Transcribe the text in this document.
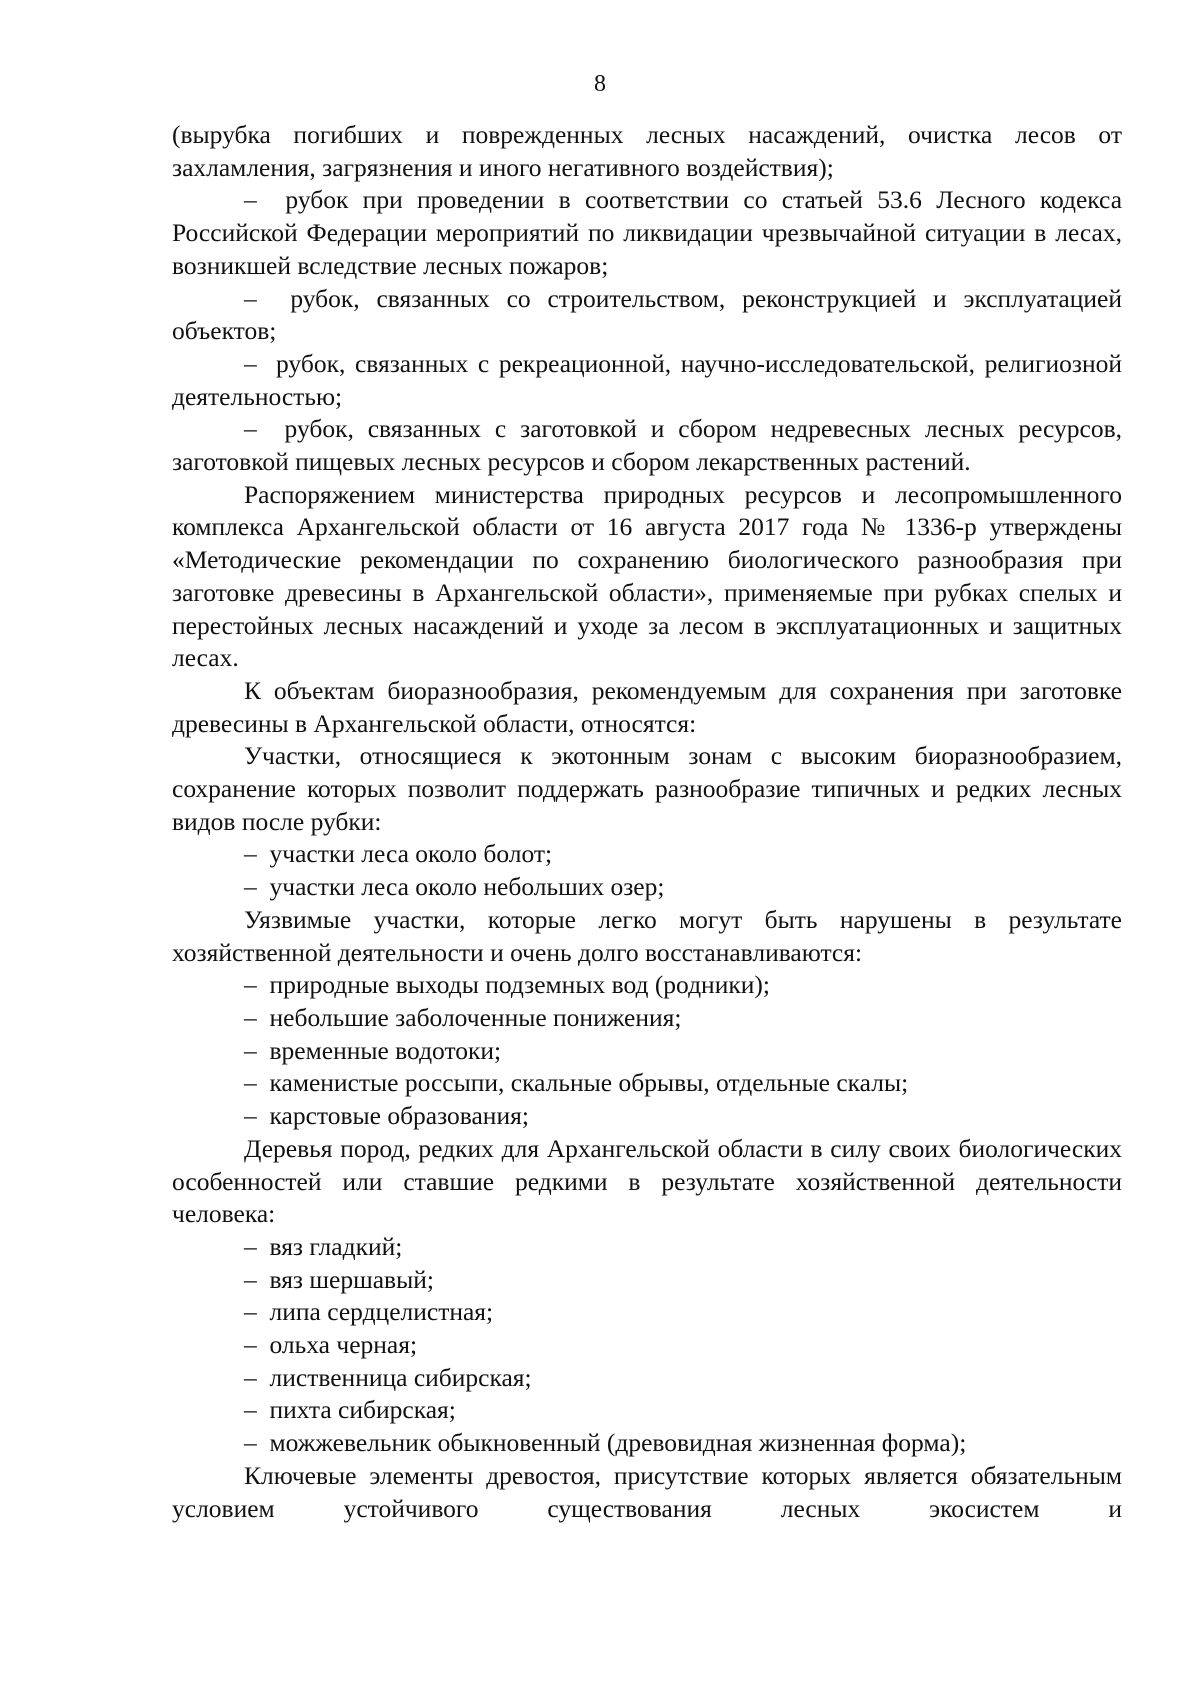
8

(вырубка погибших и поврежденных лесных насаждений, очистка лесов от захламления, загрязнения и иного негативного воздействия);

–  рубок при проведении в соответствии со статьей 53.6 Лесного кодекса Российской Федерации мероприятий по ликвидации чрезвычайной ситуации в лесах, возникшей вследствие лесных пожаров;

–  рубок, связанных со строительством, реконструкцией и эксплуатацией объектов;

–  рубок, связанных с рекреационной, научно-исследовательской, религиозной деятельностью;

–  рубок, связанных с заготовкой и сбором недревесных лесных ресурсов, заготовкой пищевых лесных ресурсов и сбором лекарственных растений.

Распоряжением министерства природных ресурсов и лесопромышленного комплекса Архангельской области от 16 августа 2017 года № 1336-р утверждены «Методические рекомендации по сохранению биологического разнообразия при заготовке древесины в Архангельской области», применяемые при рубках спелых и перестойных лесных насаждений и уходе за лесом в эксплуатационных и защитных лесах.

К объектам биоразнообразия, рекомендуемым для сохранения при заготовке древесины в Архангельской области, относятся:

Участки, относящиеся к экотонным зонам с высоким биоразнообразием, сохранение которых позволит поддержать разнообразие типичных и редких лесных видов после рубки:

–  участки леса около болот;

–  участки леса около небольших озер;

Уязвимые участки, которые легко могут быть нарушены в результате хозяйственной деятельности и очень долго восстанавливаются:

–  природные выходы подземных вод (родники);

–  небольшие заболоченные понижения;

–  временные водотоки;

–  каменистые россыпи, скальные обрывы, отдельные скалы;

–  карстовые образования;

Деревья пород, редких для Архангельской области в силу своих биологических особенностей или ставшие редкими в результате хозяйственной деятельности человека:

–  вяз гладкий;

–  вяз шершавый;

–  липа сердцелистная;

–  ольха черная;

–  лиственница сибирская;

–  пихта сибирская;

–  можжевельник обыкновенный (древовидная жизненная форма);

Ключевые элементы древостоя, присутствие которых является обязательным условием устойчивого существования лесных экосистем и
